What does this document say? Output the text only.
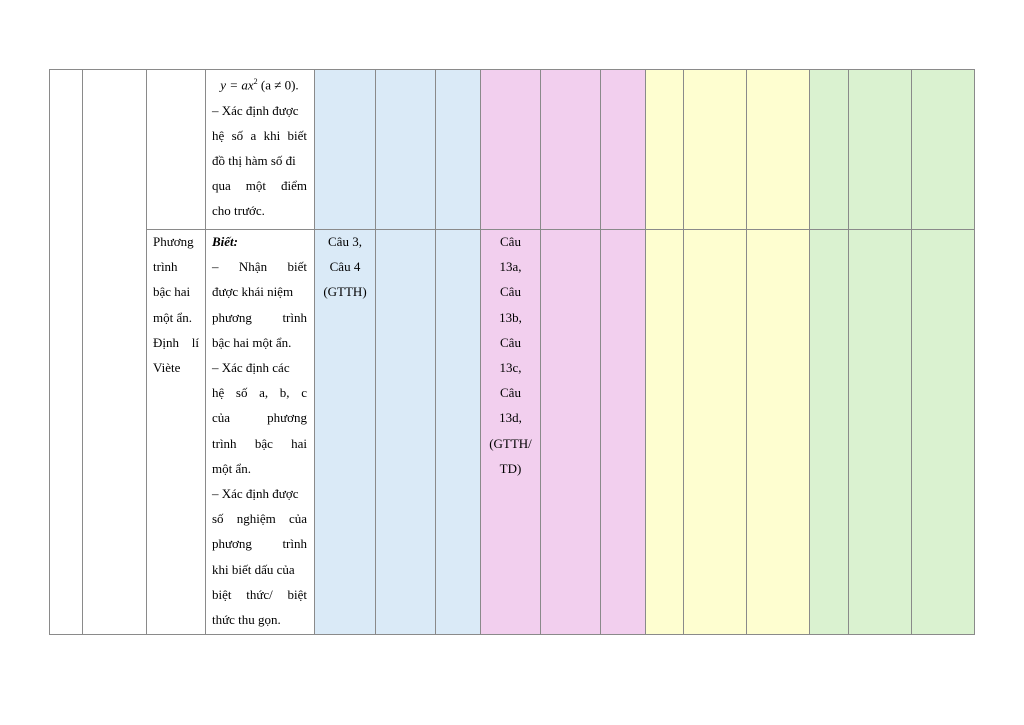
$y = ax^2$ (a ≠ 0).
– Xác định được
hệ số a khi biết
đồ thị hàm số đi
qua một điểm
cho trước.
Phương
trình
bậc hai
một ẩn.
Định lí
Viète
Biết:
– Nhận biết
được khái niệm
phương trình
bậc hai một ẩn.
– Xác định các
hệ số a, b, c
của	phương
trình bậc hai
một ẩn.
– Xác định được
số nghiệm của
phương trình
khi biết dấu của
biệt thức/ biệt
thức thu gọn.
Câu 3,
Câu 4
(GTTH)
Câu
13a,
Câu
13b,
Câu
13c,
Câu
13d,
(GTTH/
TD)
